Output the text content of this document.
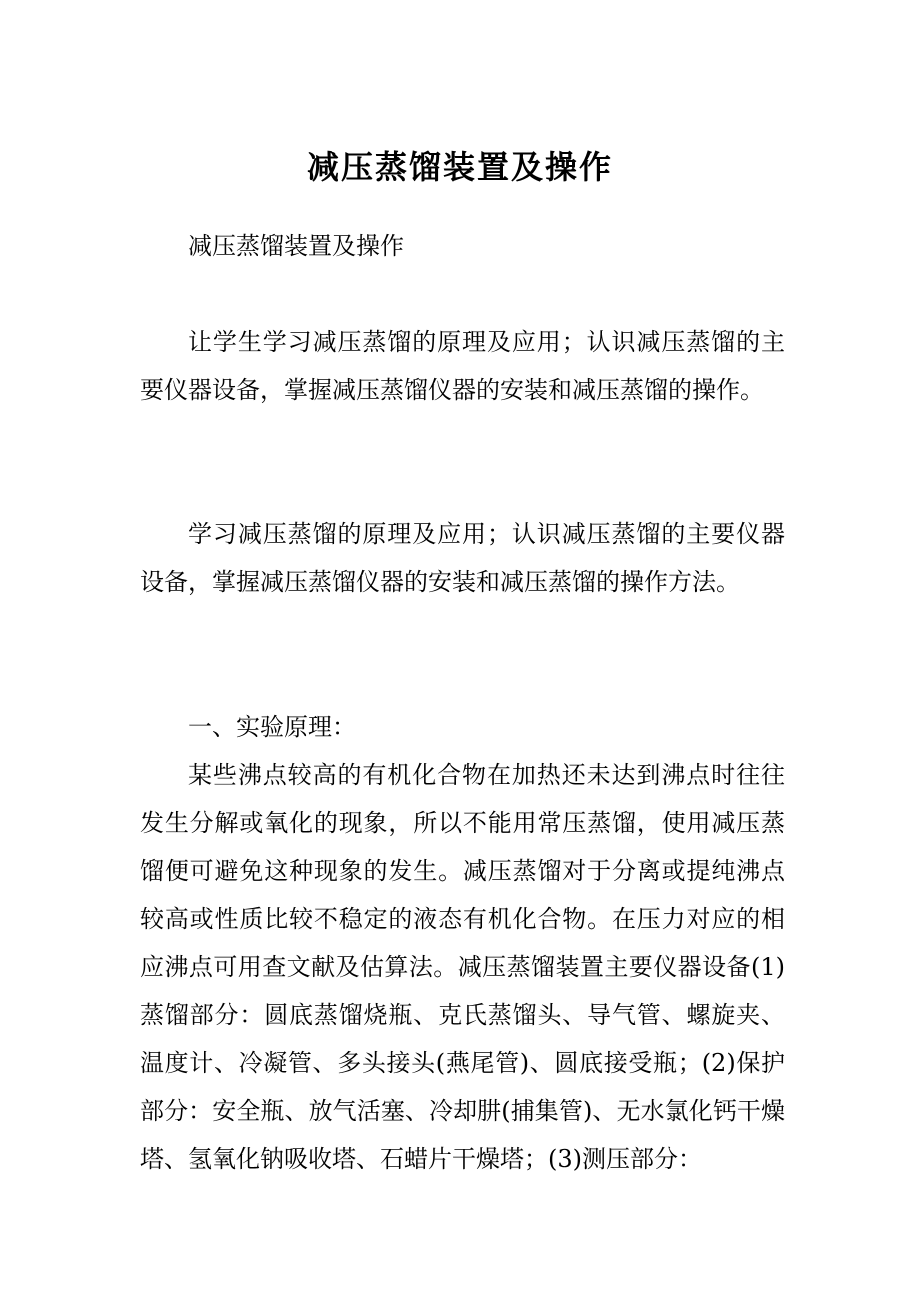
减压蒸馏装置及操作
减压蒸馏装置及操作
让学生学习减压蒸馏的原理及应用；认识减压蒸馏的主要仪器设备，掌握减压蒸馏仪器的安装和减压蒸馏的操作。
学习减压蒸馏的原理及应用；认识减压蒸馏的主要仪器设备，掌握减压蒸馏仪器的安装和减压蒸馏的操作方法。
一、实验原理：
某些沸点较高的有机化合物在加热还未达到沸点时往往发生分解或氧化的现象，所以不能用常压蒸馏，使用减压蒸馏便可避免这种现象的发生。减压蒸馏对于分离或提纯沸点较高或性质比较不稳定的液态有机化合物。在压力对应的相应沸点可用查文献及估算法。减压蒸馏装置主要仪器设备(1)蒸馏部分：圆底蒸馏烧瓶、克氏蒸馏头、导气管、螺旋夹、温度计、冷凝管、多头接头(燕尾管)、圆底接受瓶；(2)保护部分：安全瓶、放气活塞、冷却肼(捕集管)、无水氯化钙干燥塔、氢氧化钠吸收塔、石蜡片干燥塔；(3)测压部分：
